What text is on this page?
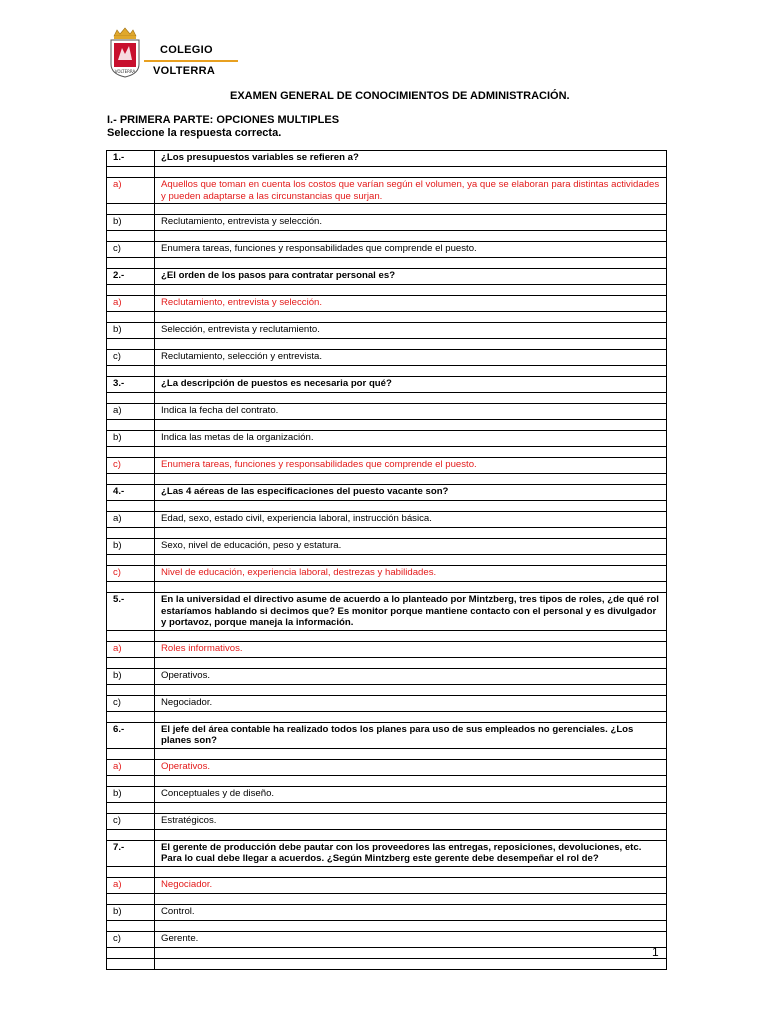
VOLTERRA
COLEGIO
VOLTERRA
EXAMEN GENERAL DE CONOCIMIENTOS DE ADMINISTRACIÓN.
I.- PRIMERA PARTE: OPCIONES MULTIPLES
Seleccione la respuesta correcta.
1.-	¿Los presupuestos variables se refieren a?

a)	Aquellos que toman en cuenta los costos que varían según el volumen, ya que se elaboran para distintas actividades y pueden adaptarse a las circunstancias que surjan.

b)	Reclutamiento, entrevista y selección.

c)	Enumera tareas, funciones y responsabilidades que comprende el puesto.

2.-	¿El orden de los pasos para contratar personal es?

a)	Reclutamiento, entrevista y selección.

b)	Selección, entrevista y reclutamiento.

c)	Reclutamiento, selección y entrevista.

3.-	¿La descripción de puestos es necesaria por qué?

a)	Indica la fecha del contrato.

b)	Indica las metas de la organización.

c)	Enumera tareas, funciones y responsabilidades que comprende el puesto.

4.-	¿Las 4 aéreas de las especificaciones del puesto vacante son?

a)	Edad, sexo, estado civil, experiencia laboral, instrucción básica.

b)	Sexo, nivel de educación, peso y estatura.

c)	Nivel de educación, experiencia laboral, destrezas y habilidades.

5.-	En la universidad el directivo asume de acuerdo a lo planteado por Mintzberg, tres tipos de roles, ¿de qué rol estaríamos hablando si decimos que? Es monitor porque mantiene contacto con el personal y es divulgador y portavoz, porque maneja la información.

a)	Roles informativos.

b)	Operativos.

c)	Negociador.

6.-	El jefe del área contable ha realizado todos los planes para uso de sus empleados no gerenciales. ¿Los planes son?

a)	Operativos.

b)	Conceptuales y de diseño.

c)	Estratégicos.

7.-	El gerente de producción debe pautar con los proveedores las entregas, reposiciones, devoluciones, etc. Para lo cual debe llegar a acuerdos. ¿Según Mintzberg este gerente debe desempeñar el rol de?

a)	Negociador.

b)	Control.

c)	Gerente.

1
